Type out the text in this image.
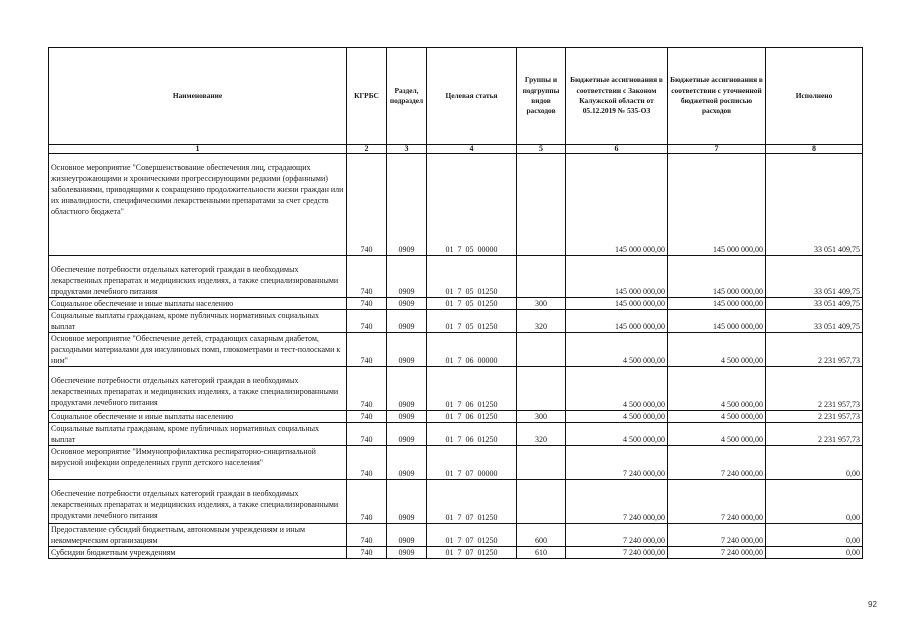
Наименование	КГРБС	Раздел, подраздел	Целевая статья	Группы и подгруппы видов расходов	Бюджетные ассигнования в соответствии с Законом Калужской области от 05.12.2019 № 535-ОЗ	Бюджетные ассигнования в соответствии с уточненной бюджетной росписью расходов	Исполнено
1	2	3	4	5	6	7	8

Основное мероприятие "Совершенствование обеспечения лиц, страдающих жизнеугрожающими и хроническими прогрессирующими редкими (орфанными) заболеваниями, приводящими к сокращению продолжительности жизни граждан или их инвалидности, специфическими лекарственными препаратами за счет средств областного бюджета"	740	0909	01  7  05  00000		145 000 000,00	145 000 000,00	33 051 409,75

Обеспечение потребности отдельных категорий граждан в необходимых лекарственных препаратах и медицинских изделиях, а также специализированными продуктами лечебного питания	740	0909	01  7  05  01250		145 000 000,00	145 000 000,00	33 051 409,75

Социальное обеспечение и иные выплаты населению	740	0909	01  7  05  01250	300	145 000 000,00	145 000 000,00	33 051 409,75

Социальные выплаты гражданам, кроме публичных нормативных социальных выплат	740	0909	01  7  05  01250	320	145 000 000,00	145 000 000,00	33 051 409,75

Основное мероприятие "Обеспечение детей, страдающих сахарным диабетом, расходными материалами для инсулиновых помп, глюкометрами и тест-полосками к ним"	740	0909	01  7  06  00000		4 500 000,00	4 500 000,00	2 231 957,73

Обеспечение потребности отдельных категорий граждан в необходимых лекарственных препаратах и медицинских изделиях, а также специализированными продуктами лечебного питания	740	0909	01  7  06  01250		4 500 000,00	4 500 000,00	2 231 957,73

Социальное обеспечение и иные выплаты населению	740	0909	01  7  06  01250	300	4 500 000,00	4 500 000,00	2 231 957,73

Социальные выплаты гражданам, кроме публичных нормативных социальных выплат	740	0909	01  7  06  01250	320	4 500 000,00	4 500 000,00	2 231 957,73

Основное мероприятие "Иммунопрофилактика респираторно-синцитиальной вирусной инфекции определенных групп детского населения"	740	0909	01  7  07  00000		7 240 000,00	7 240 000,00	0,00

Обеспечение потребности отдельных категорий граждан в необходимых лекарственных препаратах и медицинских изделиях, а также специализированными продуктами лечебного питания	740	0909	01  7  07  01250		7 240 000,00	7 240 000,00	0,00

Предоставление субсидий бюджетным, автономным учреждениям и иным некоммерческим организациям	740	0909	01  7  07  01250	600	7 240 000,00	7 240 000,00	0,00

Субсидии бюджетным учреждениям	740	0909	01  7  07  01250	610	7 240 000,00	7 240 000,00	0,00
92
